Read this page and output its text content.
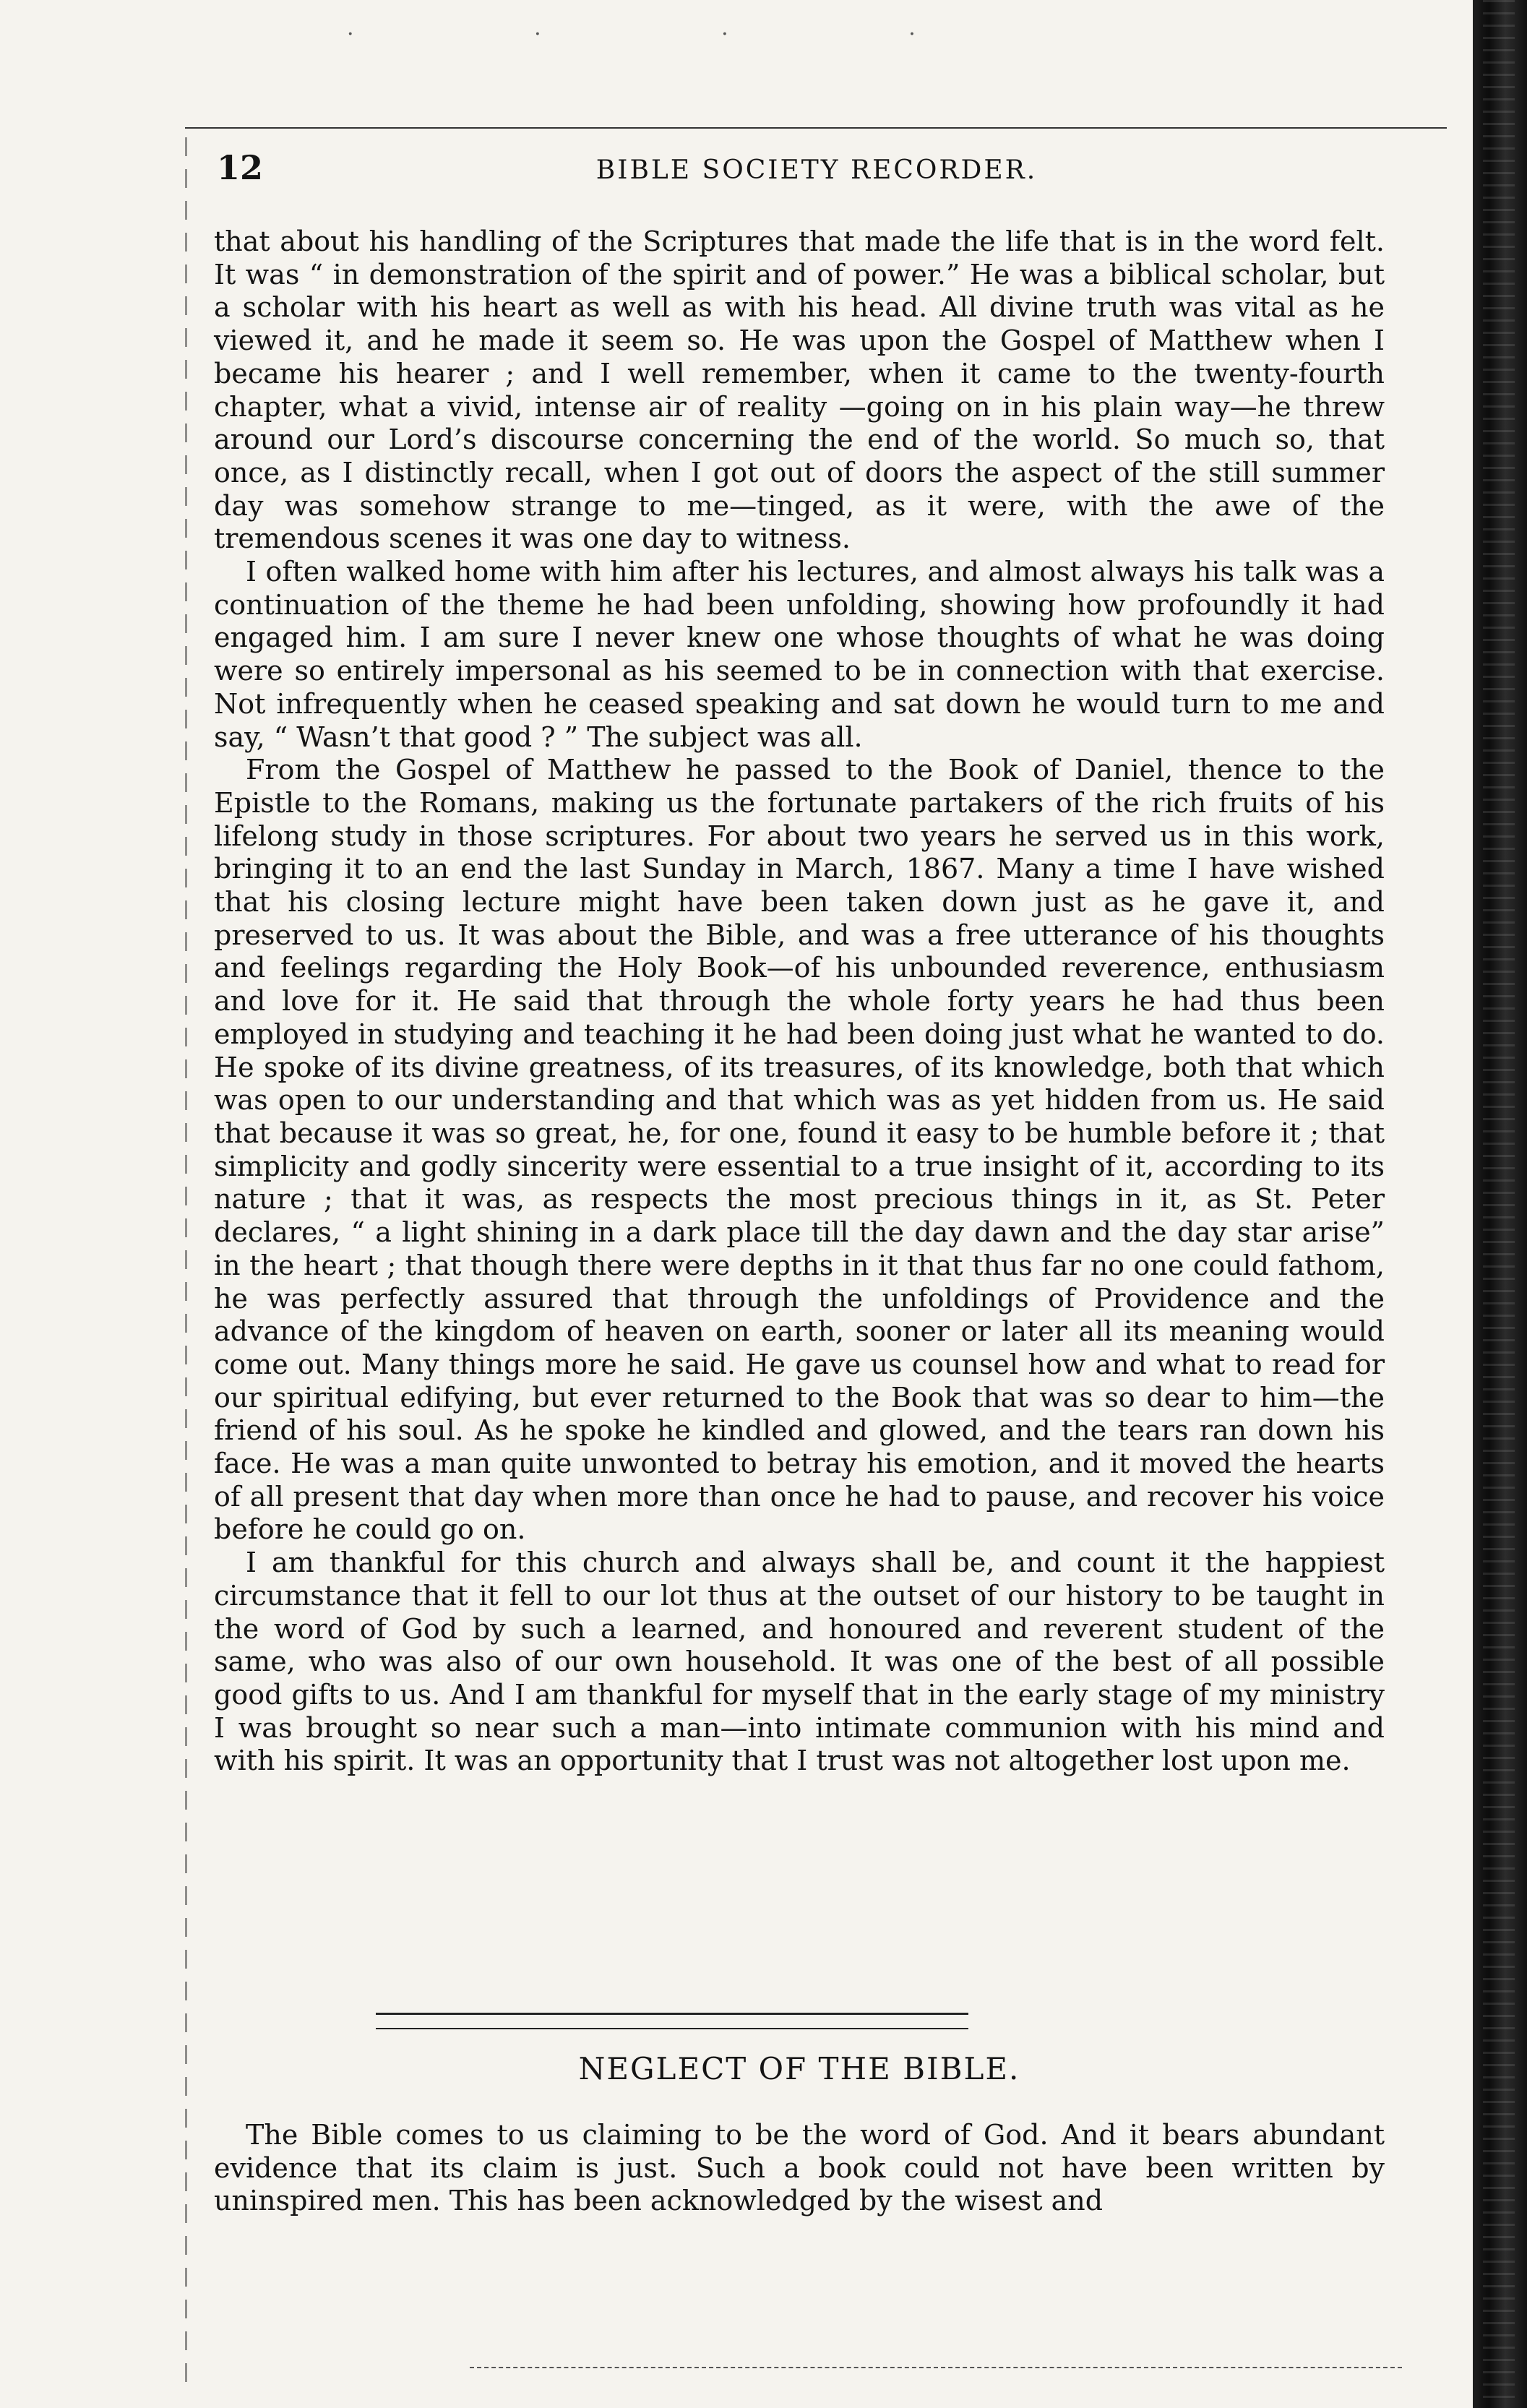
· · · ·
12	BIBLE SOCIETY RECORDER.

that about his handling of the Scriptures that made the life that is in the word felt. It was “ in demonstration of the spirit and of power.” He was a biblical scholar, but a scholar with his heart as well as with his head. All divine truth was vital as he viewed it, and he made it seem so. He was upon the Gospel of Matthew when I became his hearer ; and I well remember, when it came to the twenty-fourth chapter, what a vivid, intense air of reality —going on in his plain way—he threw around our Lord’s discourse concerning the end of the world. So much so, that once, as I distinctly recall, when I got out of doors the aspect of the still summer day was somehow strange to me—tinged, as it were, with the awe of the tremendous scenes it was one day to witness.

I often walked home with him after his lectures, and almost always his talk was a continuation of the theme he had been unfolding, showing how profoundly it had engaged him. I am sure I never knew one whose thoughts of what he was doing were so entirely impersonal as his seemed to be in connection with that exercise. Not infrequently when he ceased speaking and sat down he would turn to me and say, “ Wasn’t that good ? ” The subject was all.

From the Gospel of Matthew he passed to the Book of Daniel, thence to the Epistle to the Romans, making us the fortunate partakers of the rich fruits of his lifelong study in those scriptures. For about two years he served us in this work, bringing it to an end the last Sunday in March, 1867. Many a time I have wished that his closing lecture might have been taken down just as he gave it, and preserved to us. It was about the Bible, and was a free utterance of his thoughts and feelings regarding the Holy Book—of his unbounded reverence, enthusiasm and love for it. He said that through the whole forty years he had thus been employed in studying and teaching it he had been doing just what he wanted to do. He spoke of its divine greatness, of its treasures, of its knowledge, both that which was open to our understanding and that which was as yet hidden from us. He said that because it was so great, he, for one, found it easy to be humble before it ; that simplicity and godly sincerity were essential to a true insight of it, according to its nature ; that it was, as respects the most precious things in it, as St. Peter declares, “ a light shining in a dark place till the day dawn and the day star arise” in the heart ; that though there were depths in it that thus far no one could fathom, he was perfectly assured that through the unfoldings of Providence and the advance of the kingdom of heaven on earth, sooner or later all its meaning would come out. Many things more he said. He gave us counsel how and what to read for our spiritual edifying, but ever returned to the Book that was so dear to him—the friend of his soul. As he spoke he kindled and glowed, and the tears ran down his face. He was a man quite unwonted to betray his emotion, and it moved the hearts of all present that day when more than once he had to pause, and recover his voice before he could go on.

I am thankful for this church and always shall be, and count it the happiest circumstance that it fell to our lot thus at the outset of our history to be taught in the word of God by such a learned, and honoured and reverent student of the same, who was also of our own household. It was one of the best of all possible good gifts to us. And I am thankful for myself that in the early stage of my ministry I was brought so near such a man—into intimate communion with his mind and with his spirit. It was an opportunity that I trust was not altogether lost upon me.

NEGLECT OF THE BIBLE.

The Bible comes to us claiming to be the word of God. And it bears abundant evidence that its claim is just. Such a book could not have been written by uninspired men. This has been acknowledged by the wisest and
